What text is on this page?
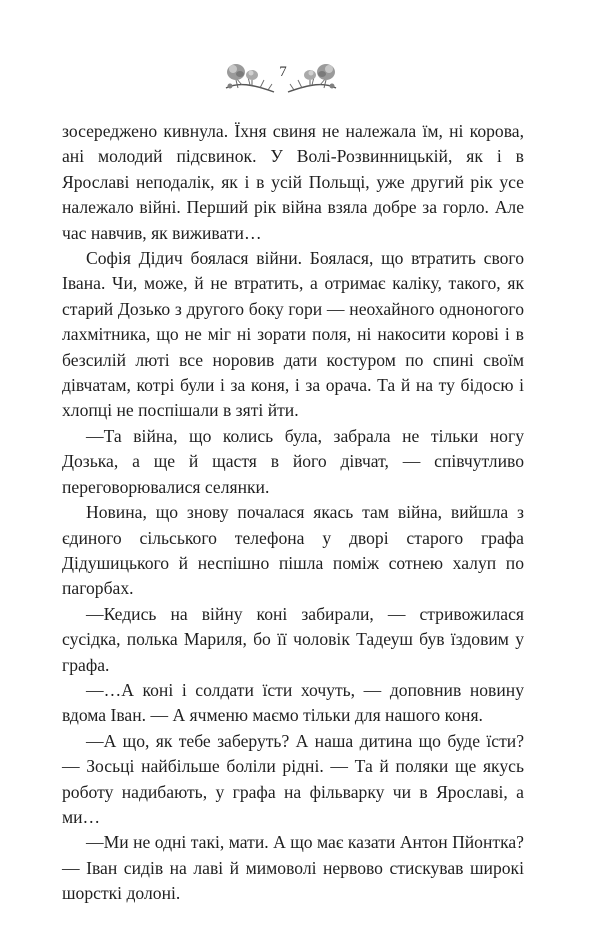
7

зосереджено кивнула. Їхня свиня не належала їм, ні корова, ані молодий підсвинок. У Волі-Розвинницькій, як і в Ярославі неподалік, як і в усій Польщі, уже другий рік усе належало війні. Перший рік війна взяла добре за горло. Але час навчив, як виживати…

Софія Дідич боялася війни. Боялася, що втратить свого Івана. Чи, може, й не втратить, а отримає каліку, такого, як старий Дозько з другого боку гори — неохайного одноногого лахмітника, що не міг ні зорати поля, ні накосити корові і в безсилій люті все норовив дати костуром по спині своїм дівчатам, котрі були і за коня, і за орача. Та й на ту бідосю і хлопці не поспішали в зяті йти.

—Та війна, що колись була, забрала не тільки ногу Дозька, а ще й щастя в його дівчат, — співчутливо переговорювалися селянки.

Новина, що знову почалася якась там війна, вийшла з єдиного сільського телефона у дворі старого графа Дідушицького й неспішно пішла поміж сотнею халуп по пагорбах.

—Кедись на війну коні забирали, — стривожилася сусідка, полька Мариля, бо її чоловік Тадеуш був їздовим у графа.

—…А коні і солдати їсти хочуть, — доповнив новину вдома Іван. — А ячменю маємо тільки для нашого коня.

—А що, як тебе заберуть? А наша дитина що буде їсти? — Зосьці найбільше боліли рідні. — Та й поляки ще якусь роботу надибають, у графа на фільварку чи в Ярославі, а ми…

—Ми не одні такі, мати. А що має казати Антон Пйонтка? — Іван сидів на лаві й мимоволі нервово стискував широкі шорсткі долоні.
